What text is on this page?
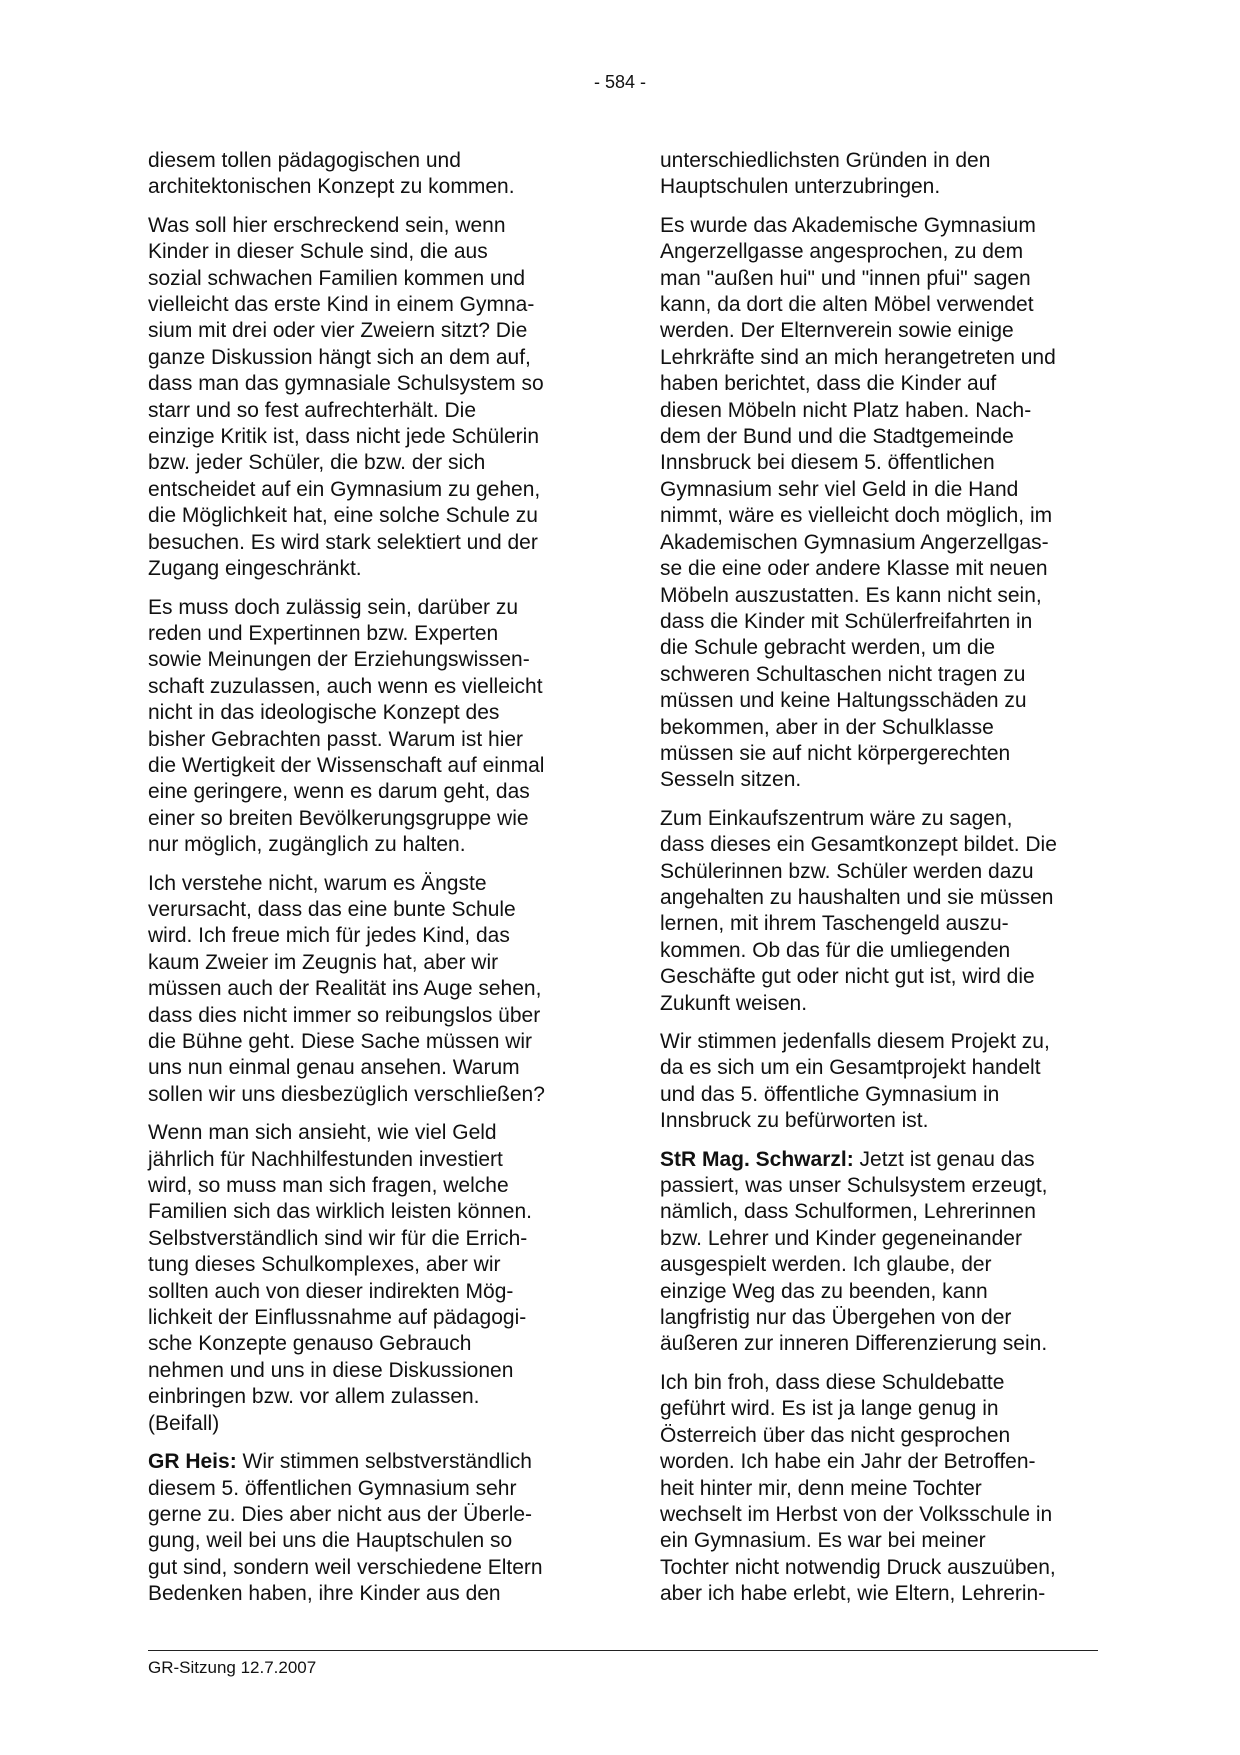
- 584 -
diesem tollen pädagogischen und
architektonischen Konzept zu kommen.
Was soll hier erschreckend sein, wenn
Kinder in dieser Schule sind, die aus
sozial schwachen Familien kommen und
vielleicht das erste Kind in einem Gymna-
sium mit drei oder vier Zweiern sitzt? Die
ganze Diskussion hängt sich an dem auf,
dass man das gymnasiale Schulsystem so
starr und so fest aufrechterhält. Die
einzige Kritik ist, dass nicht jede Schülerin
bzw. jeder Schüler, die bzw. der sich
entscheidet auf ein Gymnasium zu gehen,
die Möglichkeit hat, eine solche Schule zu
besuchen. Es wird stark selektiert und der
Zugang eingeschränkt.
Es muss doch zulässig sein, darüber zu
reden und Expertinnen bzw. Experten
sowie Meinungen der Erziehungswissen-
schaft zuzulassen, auch wenn es vielleicht
nicht in das ideologische Konzept des
bisher Gebrachten passt. Warum ist hier
die Wertigkeit der Wissenschaft auf einmal
eine geringere, wenn es darum geht, das
einer so breiten Bevölkerungsgruppe wie
nur möglich, zugänglich zu halten.
Ich verstehe nicht, warum es Ängste
verursacht, dass das eine bunte Schule
wird. Ich freue mich für jedes Kind, das
kaum Zweier im Zeugnis hat, aber wir
müssen auch der Realität ins Auge sehen,
dass dies nicht immer so reibungslos über
die Bühne geht. Diese Sache müssen wir
uns nun einmal genau ansehen. Warum
sollen wir uns diesbezüglich verschließen?
Wenn man sich ansieht, wie viel Geld
jährlich für Nachhilfestunden investiert
wird, so muss man sich fragen, welche
Familien sich das wirklich leisten können.
Selbstverständlich sind wir für die Errich-
tung dieses Schulkomplexes, aber wir
sollten auch von dieser indirekten Mög-
lichkeit der Einflussnahme auf pädagogi-
sche Konzepte genauso Gebrauch
nehmen und uns in diese Diskussionen
einbringen bzw. vor allem zulassen.
(Beifall)
GR Heis: Wir stimmen selbstverständlich
diesem 5. öffentlichen Gymnasium sehr
gerne zu. Dies aber nicht aus der Überle-
gung, weil bei uns die Hauptschulen so
gut sind, sondern weil verschiedene Eltern
Bedenken haben, ihre Kinder aus den
unterschiedlichsten Gründen in den
Hauptschulen unterzubringen.
Es wurde das Akademische Gymnasium
Angerzellgasse angesprochen, zu dem
man "außen hui" und "innen pfui" sagen
kann, da dort die alten Möbel verwendet
werden. Der Elternverein sowie einige
Lehrkräfte sind an mich herangetreten und
haben berichtet, dass die Kinder auf
diesen Möbeln nicht Platz haben. Nach-
dem der Bund und die Stadtgemeinde
Innsbruck bei diesem 5. öffentlichen
Gymnasium sehr viel Geld in die Hand
nimmt, wäre es vielleicht doch möglich, im
Akademischen Gymnasium Angerzellgas-
se die eine oder andere Klasse mit neuen
Möbeln auszustatten. Es kann nicht sein,
dass die Kinder mit Schülerfreifahrten in
die Schule gebracht werden, um die
schweren Schultaschen nicht tragen zu
müssen und keine Haltungsschäden zu
bekommen, aber in der Schulklasse
müssen sie auf nicht körpergerechten
Sesseln sitzen.
Zum Einkaufszentrum wäre zu sagen,
dass dieses ein Gesamtkonzept bildet. Die
Schülerinnen bzw. Schüler werden dazu
angehalten zu haushalten und sie müssen
lernen, mit ihrem Taschengeld auszu-
kommen. Ob das für die umliegenden
Geschäfte gut oder nicht gut ist, wird die
Zukunft weisen.
Wir stimmen jedenfalls diesem Projekt zu,
da es sich um ein Gesamtprojekt handelt
und das 5. öffentliche Gymnasium in
Innsbruck zu befürworten ist.
StR Mag. Schwarzl: Jetzt ist genau das
passiert, was unser Schulsystem erzeugt,
nämlich, dass Schulformen, Lehrerinnen
bzw. Lehrer und Kinder gegeneinander
ausgespielt werden. Ich glaube, der
einzige Weg das zu beenden, kann
langfristig nur das Übergehen von der
äußeren zur inneren Differenzierung sein.
Ich bin froh, dass diese Schuldebatte
geführt wird. Es ist ja lange genug in
Österreich über das nicht gesprochen
worden. Ich habe ein Jahr der Betroffen-
heit hinter mir, denn meine Tochter
wechselt im Herbst von der Volksschule in
ein Gymnasium. Es war bei meiner
Tochter nicht notwendig Druck auszuüben,
aber ich habe erlebt, wie Eltern, Lehrerin-
GR-Sitzung 12.7.2007
